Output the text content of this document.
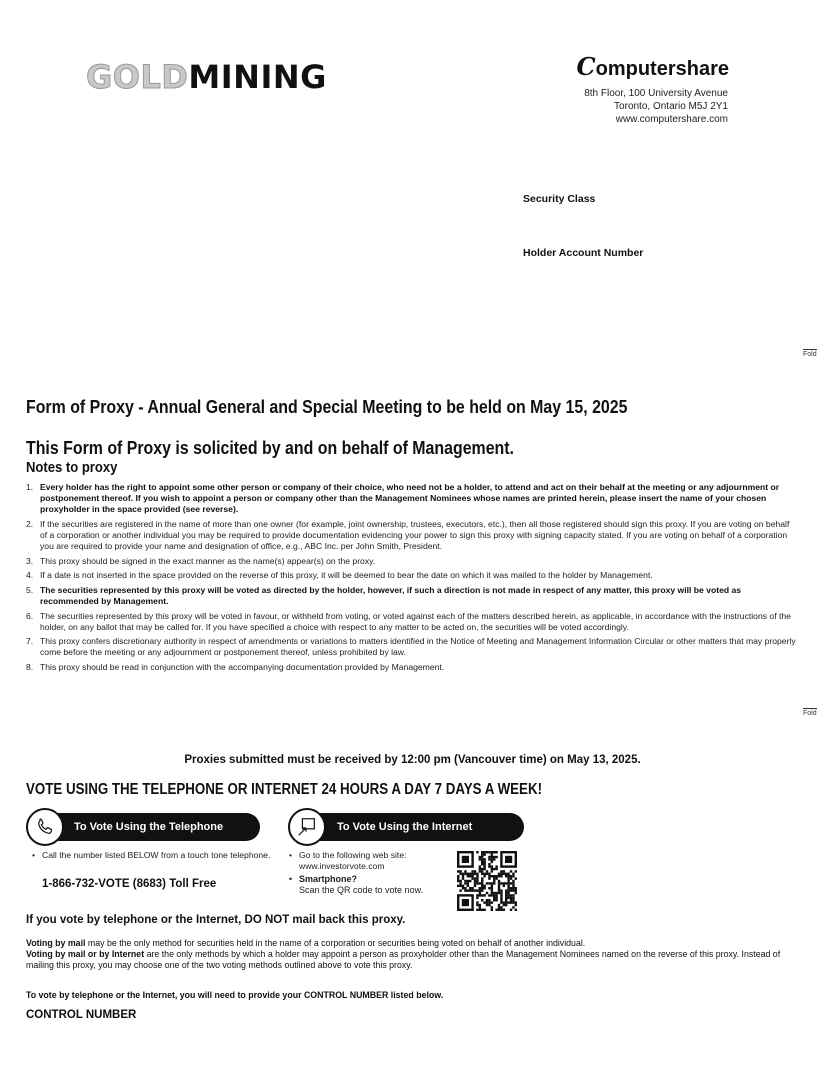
GOLDMINING	Computershare
8th Floor, 100 University Avenue
Toronto, Ontario M5J 2Y1
www.computershare.com
Security Class
Holder Account Number
Fold
Fold
Form of Proxy - Annual General and Special Meeting to be held on May 15, 2025
This Form of Proxy is solicited by and on behalf of Management.
Notes to proxy
1. Every holder has the right to appoint some other person or company of their choice, who need not be a holder, to attend and act on their behalf at the meeting or any adjournment or postponement thereof. If you wish to appoint a person or company other than the Management Nominees whose names are printed herein, please insert the name of your chosen proxyholder in the space provided (see reverse).
2. If the securities are registered in the name of more than one owner (for example, joint ownership, trustees, executors, etc.), then all those registered should sign this proxy. If you are voting on behalf of a corporation or another individual you may be required to provide documentation evidencing your power to sign this proxy with signing capacity stated. If you are voting on behalf of a corporation you are required to provide your name and designation of office, e.g., ABC Inc. per John Smith, President.
3. This proxy should be signed in the exact manner as the name(s) appear(s) on the proxy.
4. If a date is not inserted in the space provided on the reverse of this proxy, it will be deemed to bear the date on which it was mailed to the holder by Management.
5. The securities represented by this proxy will be voted as directed by the holder, however, if such a direction is not made in respect of any matter, this proxy will be voted as recommended by Management.
6. The securities represented by this proxy will be voted in favour, or withheld from voting, or voted against each of the matters described herein, as applicable, in accordance with the instructions of the holder, on any ballot that may be called for. If you have specified a choice with respect to any matter to be acted on, the securities will be voted accordingly.
7. This proxy confers discretionary authority in respect of amendments or variations to matters identified in the Notice of Meeting and Management Information Circular or other matters that may properly come before the meeting or any adjournment or postponement thereof, unless prohibited by law.
8. This proxy should be read in conjunction with the accompanying documentation provided by Management.
Proxies submitted must be received by 12:00 pm (Vancouver time) on May 13, 2025.
VOTE USING THE TELEPHONE OR INTERNET 24 HOURS A DAY 7 DAYS A WEEK!
To Vote Using the Telephone	To Vote Using the Internet
• Call the number listed BELOW from a touch tone telephone.
1-866-732-VOTE (8683) Toll Free
• Go to the following web site:
www.investorvote.com
• Smartphone?
Scan the QR code to vote now.
If you vote by telephone or the Internet, DO NOT mail back this proxy.
Voting by mail may be the only method for securities held in the name of a corporation or securities being voted on behalf of another individual.
Voting by mail or by Internet are the only methods by which a holder may appoint a person as proxyholder other than the Management Nominees named on the reverse of this proxy. Instead of mailing this proxy, you may choose one of the two voting methods outlined above to vote this proxy.
To vote by telephone or the Internet, you will need to provide your CONTROL NUMBER listed below.
CONTROL NUMBER
